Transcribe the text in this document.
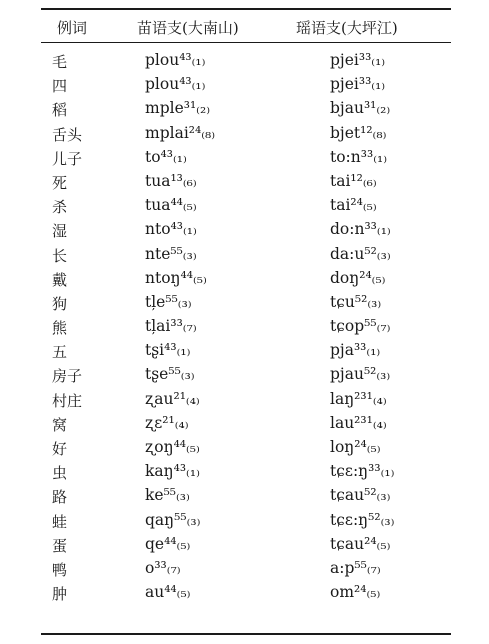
例词	苗语支(大南山)	瑶语支(大坪江)
毛	plou⁴³₍₁₎	pjei³³₍₁₎
四	plou⁴³₍₁₎	pjei³³₍₁₎
稻	mple³¹₍₂₎	bjau³¹₍₂₎
舌头	mplai²⁴₍₈₎	bjet¹²₍₈₎
儿子	to⁴³₍₁₎	to:n³³₍₁₎
死	tua¹³₍₆₎	tai¹²₍₆₎
杀	tua⁴⁴₍₅₎	tai²⁴₍₅₎
湿	nto⁴³₍₁₎	do:n³³₍₁₎
长	nte⁵⁵₍₃₎	da:u⁵²₍₃₎
戴	ntoŋ⁴⁴₍₅₎	doŋ²⁴₍₅₎
狗	tļe⁵⁵₍₃₎	tɕu⁵²₍₃₎
熊	tļai³³₍₇₎	tɕop⁵⁵₍₇₎
五	tʂi⁴³₍₁₎	pja³³₍₁₎
房子	tʂe⁵⁵₍₃₎	pjau⁵²₍₃₎
村庄	ʐau²¹₍₄₎	laŋ²³¹₍₄₎
窝	ʐɛ²¹₍₄₎	lau²³¹₍₄₎
好	ʐoŋ⁴⁴₍₅₎	loŋ²⁴₍₅₎
虫	kaŋ⁴³₍₁₎	tɕɛ:ŋ³³₍₁₎
路	ke⁵⁵₍₃₎	tɕau⁵²₍₃₎
蛙	qaŋ⁵⁵₍₃₎	tɕɛ:ŋ⁵²₍₃₎
蛋	qe⁴⁴₍₅₎	tɕau²⁴₍₅₎
鸭	o³³₍₇₎	a:p⁵⁵₍₇₎
肿	au⁴⁴₍₅₎	om²⁴₍₅₎
